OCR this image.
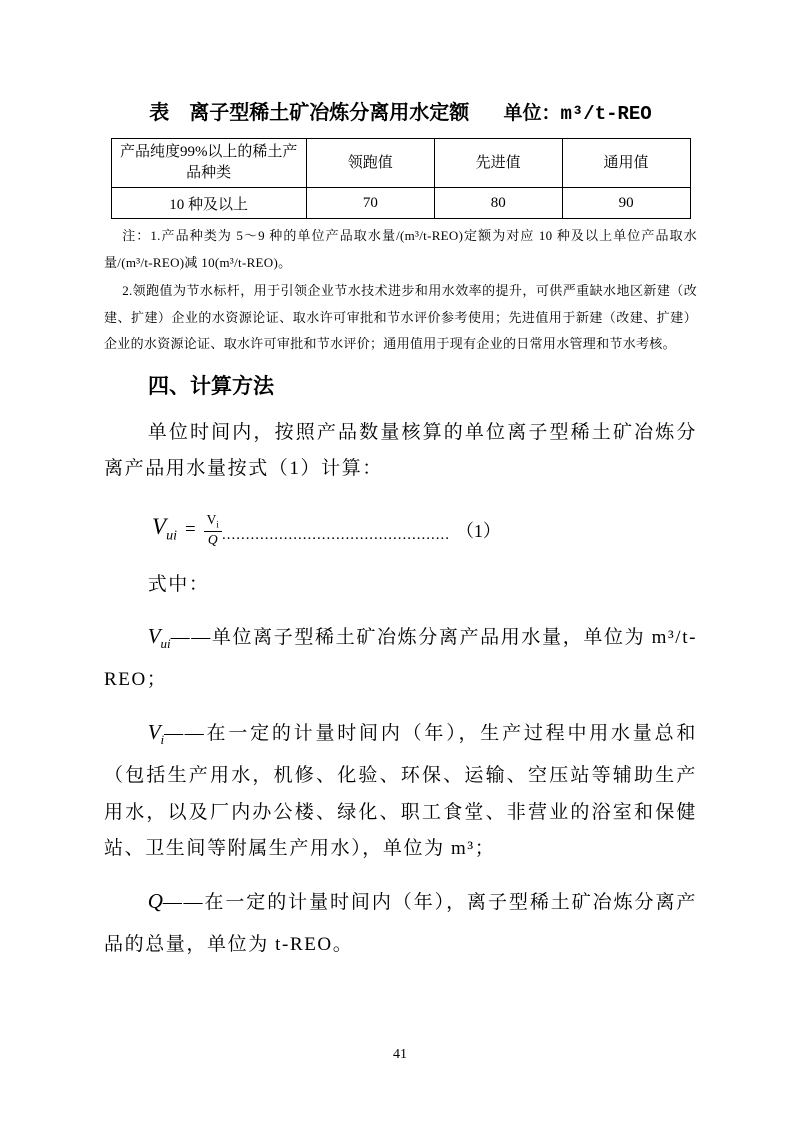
表　离子型稀土矿冶炼分离用水定额 单位：m³/t-REO
产品纯度99%以上的稀土产品种类	领跑值	先进值	通用值
10 种及以上	70	80	90

注：1.产品种类为 5～9 种的单位产品取水量/(m³/t-REO)定额为对应 10 种及以上单位产品取水量/(m³/t-REO)减 10(m³/t-REO)。

2.领跑值为节水标杆，用于引领企业节水技术进步和用水效率的提升，可供严重缺水地区新建（改建、扩建）企业的水资源论证、取水许可审批和节水评价参考使用；先进值用于新建（改建、扩建）企业的水资源论证、取水许可审批和节水评价；通用值用于现有企业的日常用水管理和节水考核。

四、计算方法

单位时间内，按照产品数量核算的单位离子型稀土矿冶炼分离产品用水量按式（1）计算：

$V_{ui} = \frac{V_i}{Q}$ ................................................ （1）

式中：

$V_{ui}——$单位离子型稀土矿冶炼分离产品用水量，单位为 m³/t-REO；

$V_i——$在一定的计量时间内（年），生产过程中用水量总和（包括生产用水，机修、化验、环保、运输、空压站等辅助生产用水，以及厂内办公楼、绿化、职工食堂、非营业的浴室和保健站、卫生间等附属生产用水），单位为 m³；

Q——在一定的计量时间内（年），离子型稀土矿冶炼分离产品的总量，单位为 t-REO。

41
